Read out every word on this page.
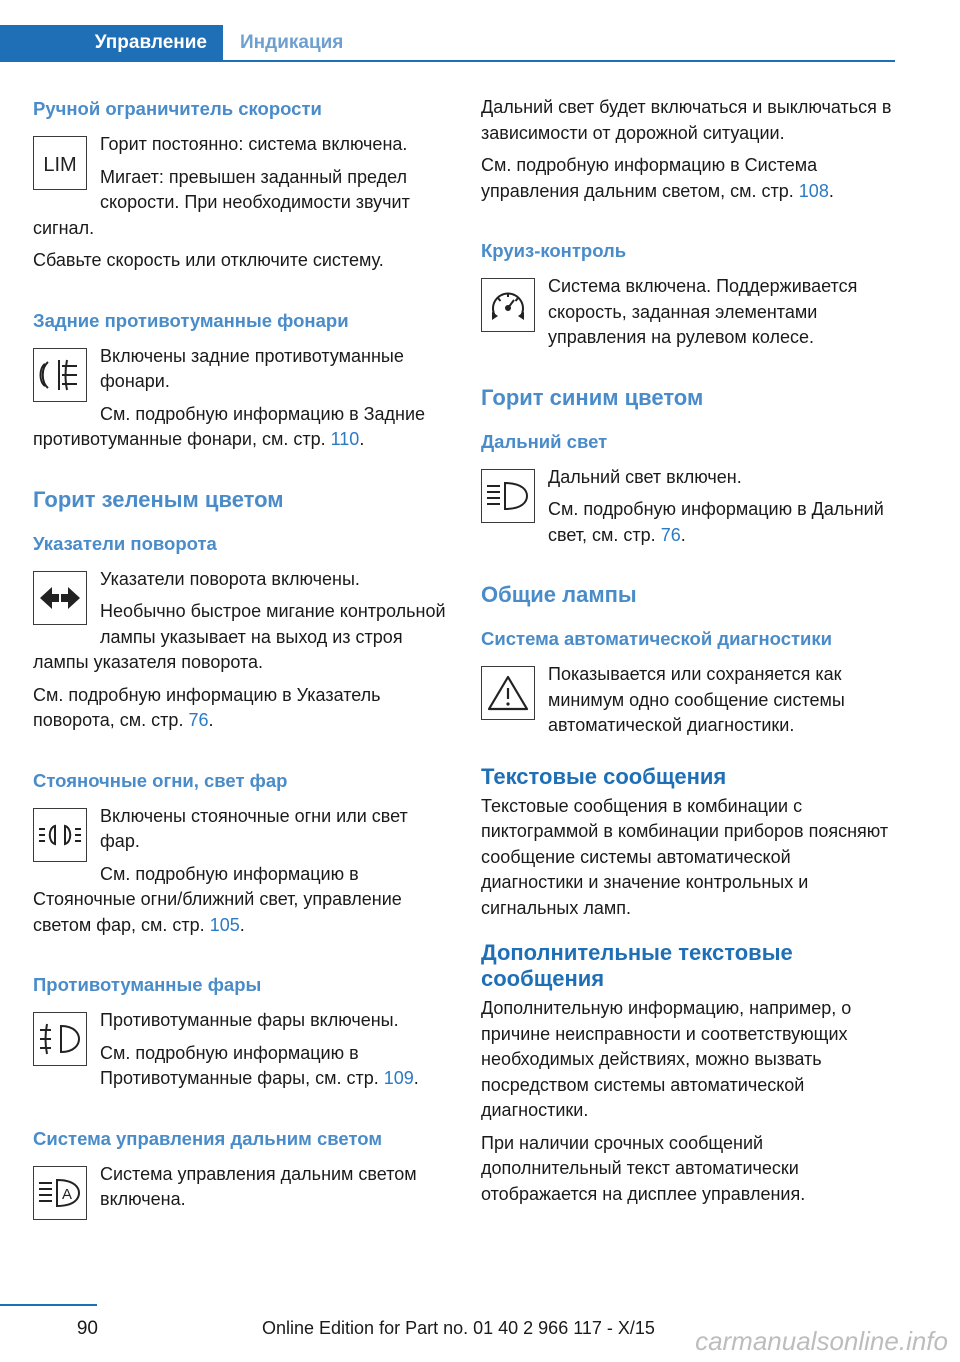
Управление	Индикация
Ручной ограничитель скорости
LIM

Горит постоянно: система включена.

Мигает: превышен заданный предел скорости. При необходимости звучит сигнал.

Сбавьте скорость или отключите систему.

Задние противотуманные фонари

Включены задние противотуманные фонари.

См. подробную информацию в Задние противотуманные фонари, см. стр. 110.

Горит зеленым цветом
Указатели поворота

Указатели поворота включены.

Необычно быстрое мигание контрольной лампы указывает на выход из строя лампы указателя поворота.

См. подробную информацию в Указатель поворота, см. стр. 76.

Стояночные огни, свет фар

Включены стояночные огни или свет фар.

См. подробную информацию в Стояночные огни/ближний свет, управление светом фар, см. стр. 105.

Противотуманные фары

Противотуманные фары включены.

См. подробную информацию в Противотуманные фары, см. стр. 109.

Система управления дальним светом
A

Система управления дальним светом включена.

Дальний свет будет включаться и выключаться в зависимости от дорожной ситуации.

См. подробную информацию в Система управления дальним светом, см. стр. 108.

Круиз-контроль

Система включена. Поддерживается скорость, заданная элементами управления на рулевом колесе.

Горит синим цветом
Дальний свет

Дальний свет включен.

См. подробную информацию в Дальний свет, см. стр. 76.

Общие лампы
Система автоматической диагностики

Показывается или сохраняется как минимум одно сообщение системы автоматической диагностики.

Текстовые сообщения

Текстовые сообщения в комбинации с пиктограммой в комбинации приборов поясняют сообщение системы автоматической диагностики и значение контрольных и сигнальных ламп.

Дополнительные текстовые сообщения

Дополнительную информацию, например, о причине неисправности и соответствующих необходимых действиях, можно вызвать посредством системы автоматической диагностики.

При наличии срочных сообщений дополнительный текст автоматически отображается на дисплее управления.

90	Online Edition for Part no. 01 40 2 966 117 - X/15 carmanualsonline.info
